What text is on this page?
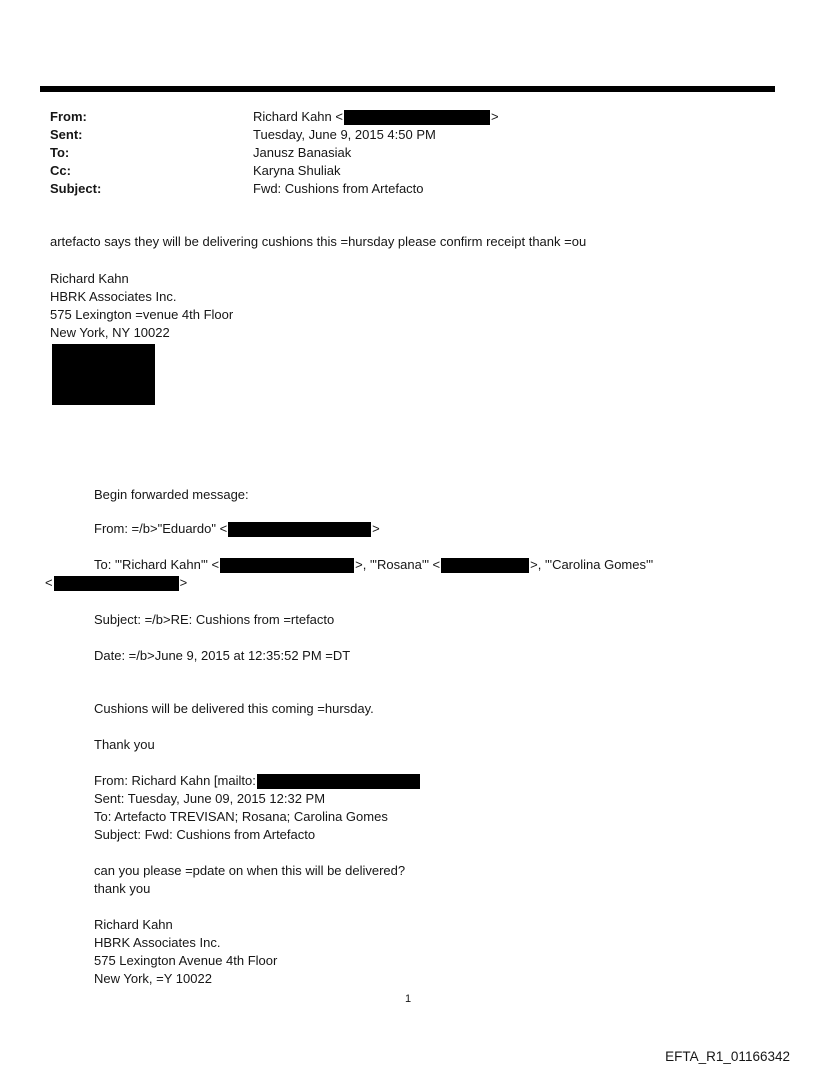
From:	Richard Kahn <	>
Sent:	Tuesday, June 9, 2015 4:50 PM
To:	Janusz Banasiak
Cc:	Karyna Shuliak
Subject:	Fwd: Cushions from Artefacto
artefacto says they will be delivering cushions this =hursday please confirm receipt thank =ou
Richard Kahn
HBRK Associates Inc.
575 Lexington =venue 4th Floor
New York, NY 10022
Begin forwarded message:
From: =/b>"Eduardo" <	>
To: "'Richard Kahn'" <	>, "'Rosana'" <	>, "'Carolina Gomes'"
<	>
Subject: =/b>RE: Cushions from =rtefacto
Date: =/b>June 9, 2015 at 12:35:52 PM =DT
Cushions will be delivered this coming =hursday.
Thank you
From: Richard Kahn [mailto:
Sent: Tuesday, June 09, 2015 12:32 PM
To: Artefacto TREVISAN; Rosana; Carolina Gomes
Subject: Fwd: Cushions from Artefacto
can you please =pdate on when this will be delivered?
thank you
Richard Kahn
HBRK Associates Inc.
575 Lexington Avenue 4th Floor
New York, =Y 10022
1
EFTA_R1_01166342
